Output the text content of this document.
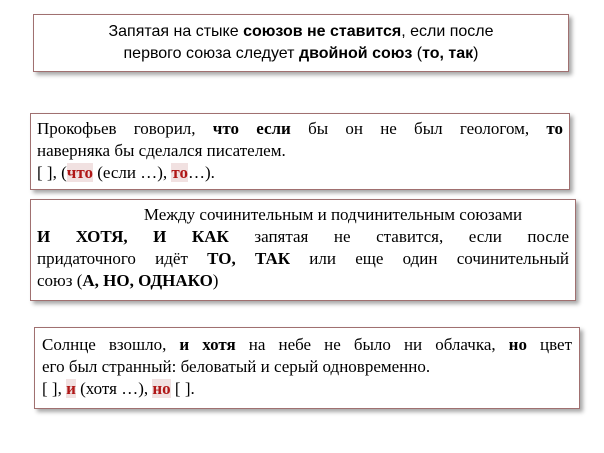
Запятая на стыке союзов не ставится, если после
первого союза следует двойной союз (то, так)
Прокофьев говорил, что если бы он не был геологом, то
наверняка бы сделался писателем.
[ ], (что (если …), то…).
Между сочинительным и подчинительным союзами
И ХОТЯ, И КАК запятая не ставится, если после
придаточного идёт ТО, ТАК или еще один сочинительный
союз (А, НО, ОДНАКО)
Солнце взошло, и хотя на небе не было ни облачка, но цвет
его был странный: беловатый и серый одновременно.
[ ], и (хотя …), но [ ].
